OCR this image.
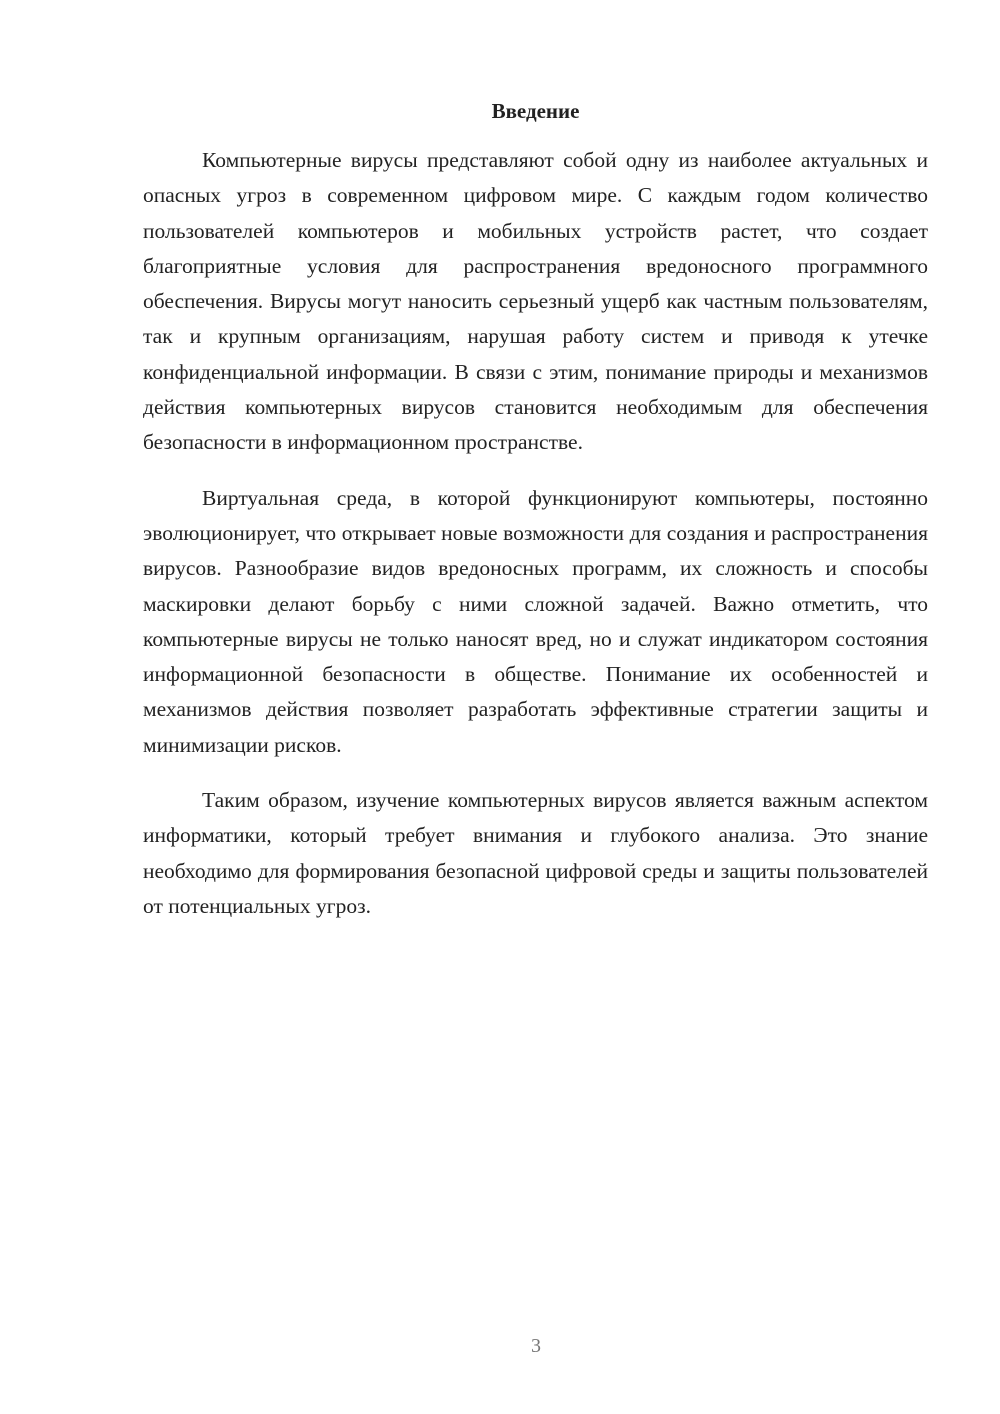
Введение

Компьютерные вирусы представляют собой одну из наиболее актуальных и опасных угроз в современном цифровом мире. С каждым годом количество пользователей компьютеров и мобильных устройств растет, что создает благоприятные условия для распространения вредоносного программного обеспечения. Вирусы могут наносить серьезный ущерб как частным пользователям, так и крупным организациям, нарушая работу систем и приводя к утечке конфиденциальной информации. В связи с этим, понимание природы и механизмов действия компьютерных вирусов становится необходимым для обеспечения безопасности в информационном пространстве.

Виртуальная среда, в которой функционируют компьютеры, постоянно эволюционирует, что открывает новые возможности для создания и распространения вирусов. Разнообразие видов вредоносных программ, их сложность и способы маскировки делают борьбу с ними сложной задачей. Важно отметить, что компьютерные вирусы не только наносят вред, но и служат индикатором состояния информационной безопасности в обществе. Понимание их особенностей и механизмов действия позволяет разработать эффективные стратегии защиты и минимизации рисков.

Таким образом, изучение компьютерных вирусов является важным аспектом информатики, который требует внимания и глубокого анализа. Это знание необходимо для формирования безопасной цифровой среды и защиты пользователей от потенциальных угроз.

3
